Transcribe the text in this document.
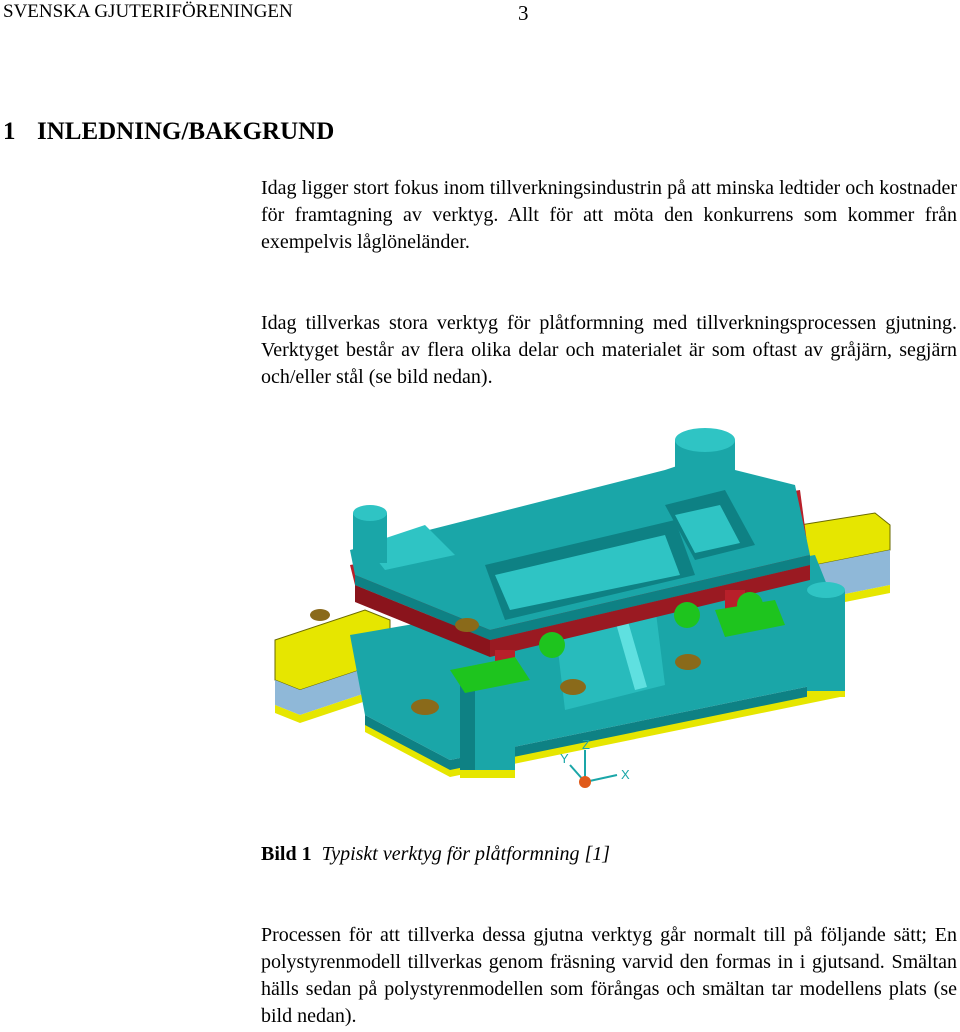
SVENSKA GJUTERIFÖRENINGEN	3
1 INLEDNING/BAKGRUND
Idag ligger stort fokus inom tillverkningsindustrin på att minska ledtider och kostnader för framtagning av verktyg. Allt för att möta den konkurrens som kommer från exempelvis låglöneländer.
Idag tillverkas stora verktyg för plåtformning med tillverkningsprocessen gjutning. Verktyget består av flera olika delar och materialet är som oftast av gråjärn, segjärn och/eller stål (se bild nedan).
Z
X
Y
Bild 1 Typiskt verktyg för plåtformning [1]
Processen för att tillverka dessa gjutna verktyg går normalt till på följande sätt; En polystyrenmodell tillverkas genom fräsning varvid den formas in i gjutsand. Smältan hälls sedan på polystyrenmodellen som förångas och smältan tar modellens plats (se bild nedan).
